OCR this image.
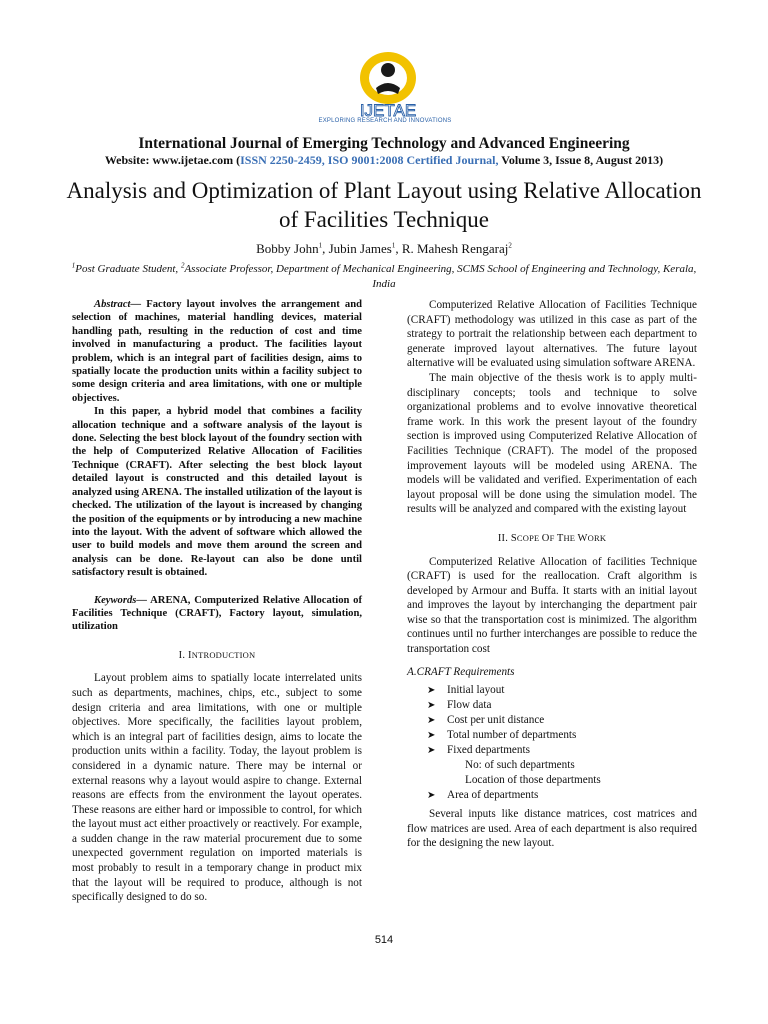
IJETAE
EXPLORING RESEARCH AND INNOVATIONS
International Journal of Emerging Technology and Advanced Engineering
Website: www.ijetae.com (ISSN 2250-2459, ISO 9001:2008 Certified Journal, Volume 3, Issue 8, August 2013)
Analysis and Optimization of Plant Layout using Relative Allocation of Facilities Technique
Bobby John$^1$, Jubin James$^1$, R. Mahesh Rengaraj$^2$
$^1$Post Graduate Student, $^2$Associate Professor, Department of Mechanical Engineering, SCMS School of Engineering and Technology, Kerala, India

Abstract— Factory layout involves the arrangement and selection of machines, material handling devices, material handling path, resulting in the reduction of cost and time involved in manufacturing a product. The facilities layout problem, which is an integral part of facilities design, aims to spatially locate the production units within a facility subject to some design criteria and area limitations, with one or multiple objectives.

In this paper, a hybrid model that combines a facility allocation technique and a software analysis of the layout is done. Selecting the best block layout of the foundry section with the help of Computerized Relative Allocation of Facilities Technique (CRAFT). After selecting the best block layout detailed layout is constructed and this detailed layout is analyzed using ARENA. The installed utilization of the layout is checked. The utilization of the layout is increased by changing the position of the equipments or by introducing a new machine into the layout. With the advent of software which allowed the user to build models and move them around the screen and analysis can be done. Re-layout can also be done until satisfactory result is obtained.

Keywords— ARENA, Computerized Relative Allocation of Facilities Technique (CRAFT), Factory layout, simulation, utilization

I. INTRODUCTION

Layout problem aims to spatially locate interrelated units such as departments, machines, chips, etc., subject to some design criteria and area limitations, with one or multiple objectives. More specifically, the facilities layout problem, which is an integral part of facilities design, aims to locate the production units within a facility. Today, the layout problem is considered in a dynamic nature. There may be internal or external reasons why a layout would aspire to change. External reasons are effects from the environment the layout operates. These reasons are either hard or impossible to control, for which the layout must act either proactively or reactively. For example, a sudden change in the raw material procurement due to some unexpected government regulation on imported materials is most probably to result in a temporary change in product mix that the layout will be required to produce, although is not specifically designed to do so.

Computerized Relative Allocation of Facilities Technique (CRAFT) methodology was utilized in this case as part of the strategy to portrait the relationship between each department to generate improved layout alternatives. The future layout alternative will be evaluated using simulation software ARENA.

The main objective of the thesis work is to apply multi-disciplinary concepts; tools and technique to solve organizational problems and to evolve innovative theoretical frame work. In this work the present layout of the foundry section is improved using Computerized Relative Allocation of Facilities Technique (CRAFT). The model of the proposed improvement layouts will be modeled using ARENA. The models will be validated and verified. Experimentation of each layout proposal will be done using the simulation model. The results will be analyzed and compared with the existing layout

II. SCOPE OF THE WORK

Computerized Relative Allocation of facilities Technique (CRAFT) is used for the reallocation. Craft algorithm is developed by Armour and Buffa. It starts with an initial layout and improves the layout by interchanging the department pair wise so that the transportation cost is minimized. The algorithm continues until no further interchanges are possible to reduce the transportation cost

A.CRAFT Requirements
➤ Initial layout
➤ Flow data
➤ Cost per unit distance
➤ Total number of departments
➤ Fixed departments
No: of such departments
Location of those departments
➤ Area of departments

Several inputs like distance matrices, cost matrices and flow matrices are used. Area of each department is also required for the designing the new layout.

514
